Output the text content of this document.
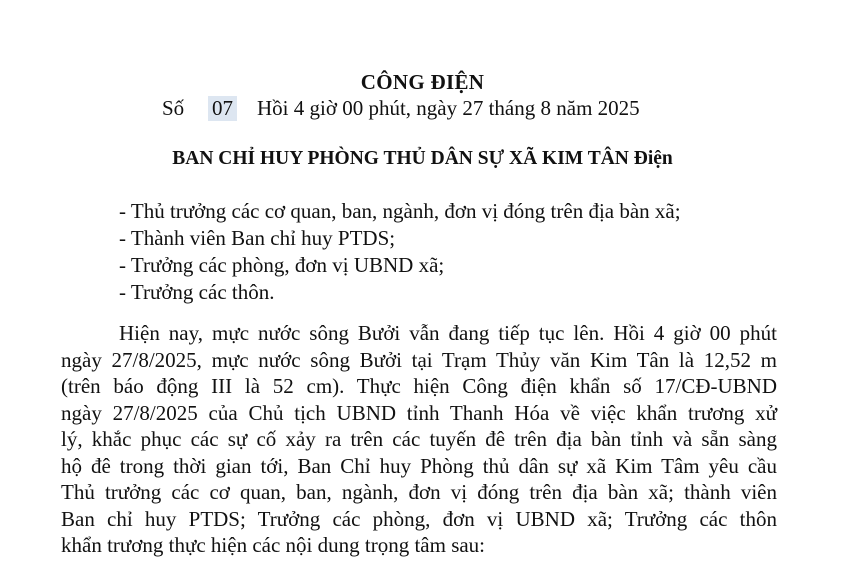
CÔNG ĐIỆN
Số 07 Hồi 4 giờ 00 phút, ngày 27 tháng 8 năm 2025
BAN CHỈ HUY PHÒNG THỦ DÂN SỰ XÃ KIM TÂN Điện
- Thủ trưởng các cơ quan, ban, ngành, đơn vị đóng trên địa bàn xã;
- Thành viên Ban chỉ huy PTDS;
- Trưởng các phòng, đơn vị UBND xã;
- Trưởng các thôn.
Hiện nay, mực nước sông Bưởi vẫn đang tiếp tục lên. Hồi 4 giờ 00 phút
ngày 27/8/2025, mực nước sông Bưởi tại Trạm Thủy văn Kim Tân là 12,52 m
(trên báo động III là 52 cm). Thực hiện Công điện khẩn số 17/CĐ-UBND
ngày 27/8/2025 của Chủ tịch UBND tỉnh Thanh Hóa về việc khẩn trương xử
lý, khắc phục các sự cố xảy ra trên các tuyến đê trên địa bàn tỉnh và sẵn sàng
hộ đê trong thời gian tới, Ban Chỉ huy Phòng thủ dân sự xã Kim Tâm yêu cầu
Thủ trưởng các cơ quan, ban, ngành, đơn vị đóng trên địa bàn xã; thành viên
Ban chỉ huy PTDS; Trưởng các phòng, đơn vị UBND xã; Trưởng các thôn
khẩn trương thực hiện các nội dung trọng tâm sau:
